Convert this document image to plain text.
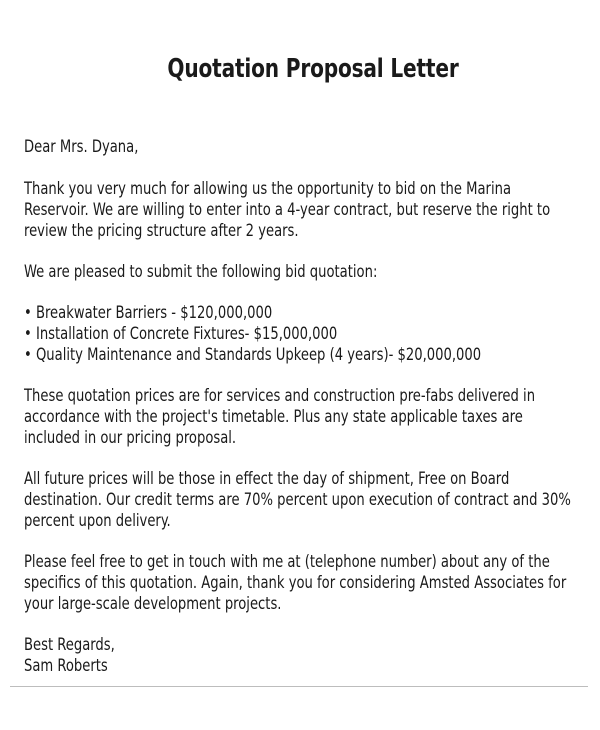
Quotation Proposal Letter

Dear Mrs. Dyana,

Thank you very much for allowing us the opportunity to bid on the Marina Reservoir. We are willing to enter into a 4-year contract, but reserve the right to review the pricing structure after 2 years.

We are pleased to submit the following bid quotation:

• Breakwater Barriers - $120,000,000
• Installation of Concrete Fixtures- $15,000,000
• Quality Maintenance and Standards Upkeep (4 years)- $20,000,000

These quotation prices are for services and construction pre-fabs delivered in accordance with the project's timetable. Plus any state applicable taxes are included in our pricing proposal.

All future prices will be those in effect the day of shipment, Free on Board destination. Our credit terms are 70% percent upon execution of contract and 30% percent upon delivery.

Please feel free to get in touch with me at (telephone number) about any of the specifics of this quotation. Again, thank you for considering Amsted Associates for your large-scale development projects.

Best Regards,
Sam Roberts
